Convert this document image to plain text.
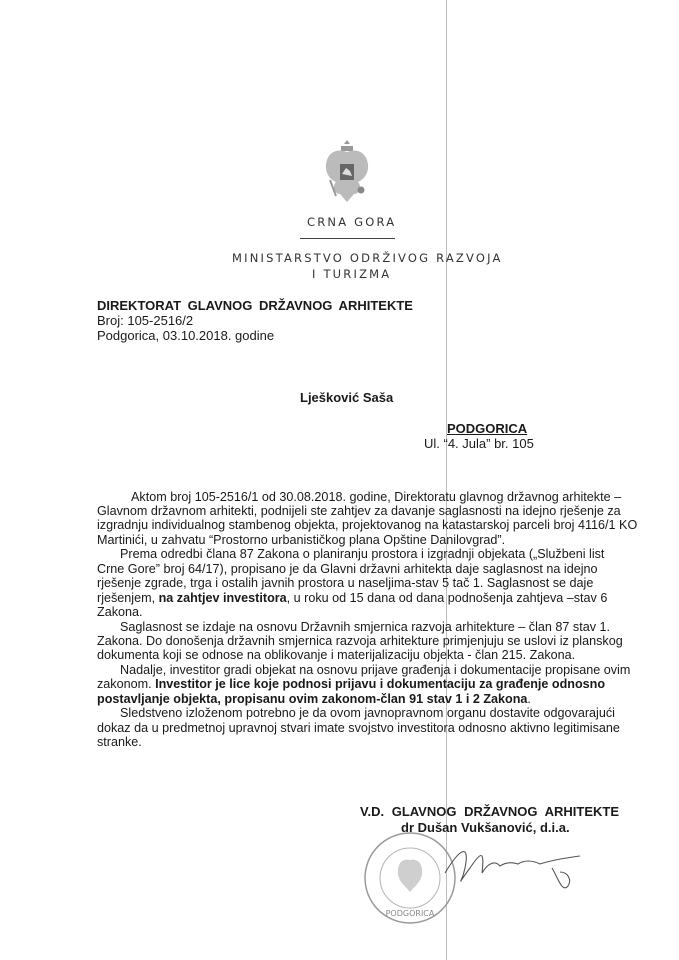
CRNA GORA
MINISTARSTVO ODRŽIVOG RAZVOJA
I TURIZMA
DIREKTORAT GLAVNOG DRŽAVNOG ARHITEKTE
Broj: 105-2516/2
Podgorica, 03.10.2018. godine
Lješković Saša
PODGORICA
Ul. “4. Jula” br. 105
Aktom broj 105-2516/1 od 30.08.2018. godine, Direktoratu glavnog državnog arhitekte –
Glavnom državnom arhitekti, podnijeli ste zahtjev za davanje saglasnosti na idejno rješenje za
izgradnju individualnog stambenog objekta, projektovanog na katastarskoj parceli broj 4116/1 KO
Martinići, u zahvatu “Prostorno urbanističkog plana Opštine Danilovgrad”.
Prema odredbi člana 87 Zakona o planiranju prostora i izgradnji objekata („Službeni list
Crne Gore” broj 64/17), propisano je da Glavni državni arhitekta daje saglasnost na idejno
rješenje zgrade, trga i ostalih javnih prostora u naseljima-stav 5 tač 1. Saglasnost se daje
rješenjem, na zahtjev investitora, u roku od 15 dana od dana podnošenja zahtjeva –stav 6
Zakona.
Saglasnost se izdaje na osnovu Državnih smjernica razvoja arhitekture – član 87 stav 1.
Zakona. Do donošenja državnih smjernica razvoja arhitekture primjenjuju se uslovi iz planskog
dokumenta koji se odnose na oblikovanje i materijalizaciju objekta - član 215. Zakona.
Nadalje, investitor gradi objekat na osnovu prijave građenja i dokumentacije propisane ovim
zakonom. Investitor je lice koje podnosi prijavu i dokumentaciju za građenje odnosno
postavljanje objekta, propisanu ovim zakonom-član 91 stav 1 i 2 Zakona.
Sledstveno izloženom potrebno je da ovom javnopravnom organu dostavite odgovarajući
dokaz da u predmetnoj upravnoj stvari imate svojstvo investitora odnosno aktivno legitimisane
stranke.
V.D. GLAVNOG DRŽAVNOG ARHITEKTE
dr Dušan Vukšanović, d.i.a.
PODGORICA
